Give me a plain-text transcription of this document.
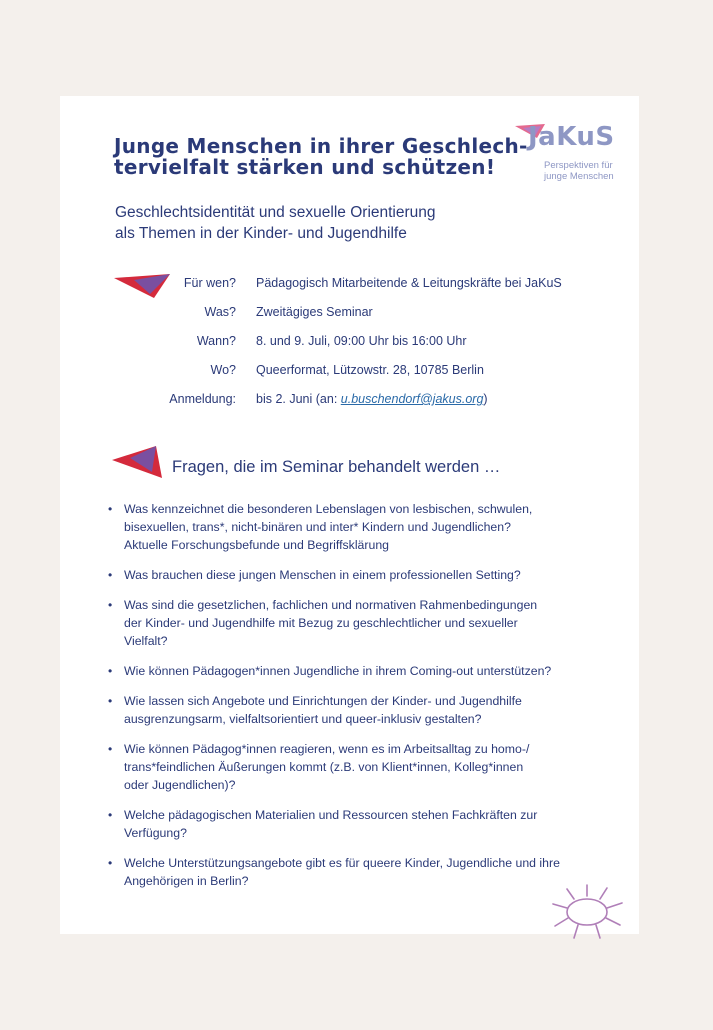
Junge Menschen in ihrer Geschlech-
tervielfalt stärken und schützen!
Geschlechtsidentität und sexuelle Orientierung
als Themen in der Kinder- und Jugendhilfe
JaKuS
Perspektiven für
junge Menschen
Für wen? Pädagogisch Mitarbeitende & Leitungskräfte bei JaKuS
Was? Zweitägiges Seminar
Wann? 8. und 9. Juli, 09:00 Uhr bis 16:00 Uhr
Wo? Queerformat, Lützowstr. 28, 10785 Berlin
Anmeldung: bis 2. Juni (an: u.buschendorf@jakus.org)
Fragen, die im Seminar behandelt werden …
• Was kennzeichnet die besonderen Lebenslagen von lesbischen, schwulen,
bisexuellen, trans*, nicht-binären und inter* Kindern und Jugendlichen?
Aktuelle Forschungsbefunde und Begriffsklärung
• Was brauchen diese jungen Menschen in einem professionellen Setting?
• Was sind die gesetzlichen, fachlichen und normativen Rahmenbedingungen
der Kinder- und Jugendhilfe mit Bezug zu geschlechtlicher und sexueller
Vielfalt?
• Wie können Pädagogen*innen Jugendliche in ihrem Coming-out unterstützen?
• Wie lassen sich Angebote und Einrichtungen der Kinder- und Jugendhilfe
ausgrenzungsarm, vielfaltsorientiert und queer-inklusiv gestalten?
• Wie können Pädagog*innen reagieren, wenn es im Arbeitsalltag zu homo-/
trans*feindlichen Äußerungen kommt (z.B. von Klient*innen, Kolleg*innen
oder Jugendlichen)?
• Welche pädagogischen Materialien und Ressourcen stehen Fachkräften zur
Verfügung?
• Welche Unterstützungsangebote gibt es für queere Kinder, Jugendliche und ihre
Angehörigen in Berlin?
